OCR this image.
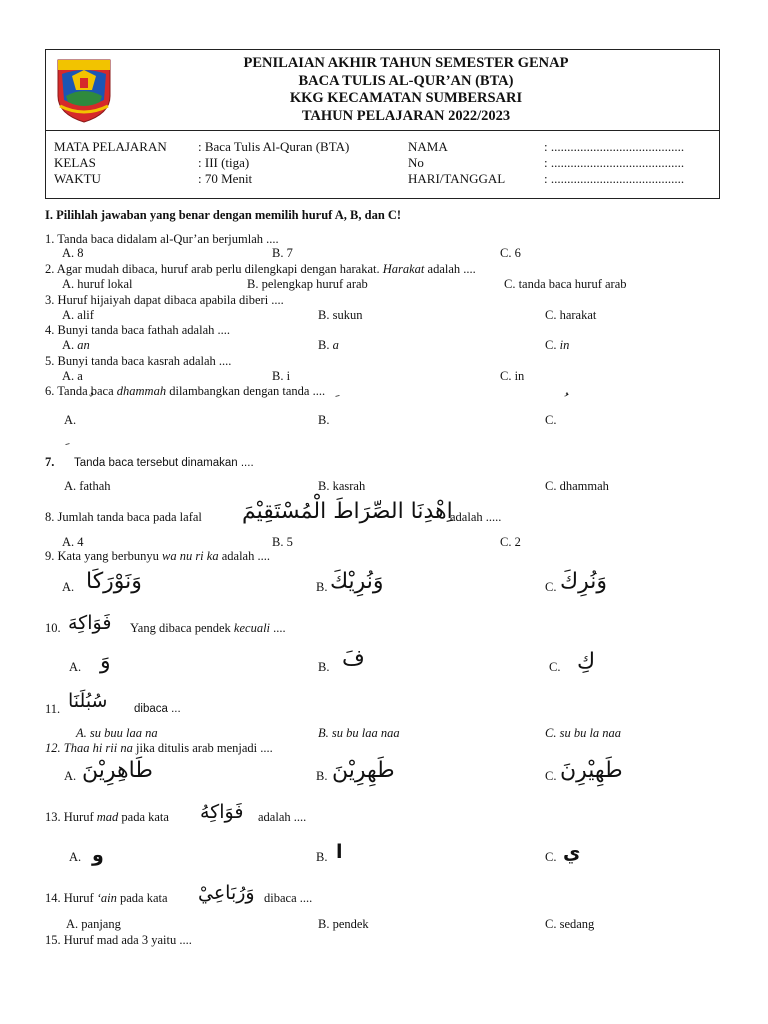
PENILAIAN AKHIR TAHUN SEMESTER GENAP
BACA TULIS AL-QUR’AN (BTA)
KKG KECAMATAN SUMBERSARI
TAHUN PELAJARAN 2022/2023
MATA PELAJARAN : Baca Tulis Al-Quran (BTA)
KELAS	: III (tiga)
WAKTU	: 70 Menit
NAMA	: .........................................
No	: .........................................
HARI/TANGGAL	: .........................................
I. Pilihlah jawaban yang benar dengan memilih huruf A, B, dan C!
1. Tanda baca didalam al-Qur’an berjumlah ....
A. 8	B. 7	C. 6
2. Agar mudah dibaca, huruf arab perlu dilengkapi dengan harakat. Harakat adalah ....
A. huruf lokal	B. pelengkap huruf arab	C. tanda baca huruf arab
3. Huruf hijaiyah dapat dibaca apabila diberi ....
A. alif	B. sukun	C. harakat
4. Bunyi tanda baca fathah adalah ....
A. an	B. a	C. in
5. Bunyi tanda baca kasrah adalah ....
A. a	B. i	C. in
6. Tanda baca dhammah dilambangkan dengan tanda ....
A.	B.	C.
7. Tanda baca tersebut dinamakan ....
A. fathah	B. kasrah	C. dhammah
8. Jumlah tanda baca pada lafal اِهْدِنَا الصِّرَاطَ الْمُسْتَقِيْمَ
adalah .....
A. 4	B. 5	C. 2
9. Kata yang berbunyu wa nu ri ka adalah ....
A. وَنَوْرَكَا	B. وَنُرِيْكَ	C. وَنُرِكَ
10. فَوَاكِهَ Yang dibaca pendek kecuali ....
A. وَ	B. فَ	C. كِ
11. سُبُلَنَا dibaca ...
A. su buu laa na	B. su bu laa naa	C. su bu la naa
12. Thaa hi rii na jika ditulis arab menjadi ....
A. طَاهِرِيْنَ	B. طَهِرِيْنَ	C. طَهِيْرِنَ
13. Huruf mad pada kata فَوَاكِهُ adalah ....
A. و	B. ا	C. ي
14. Huruf ‘ain pada kata وَرُبَاعِيْ dibaca ....
A. panjang	B. pendek	C. sedang
15. Huruf mad ada 3 yaitu ....
